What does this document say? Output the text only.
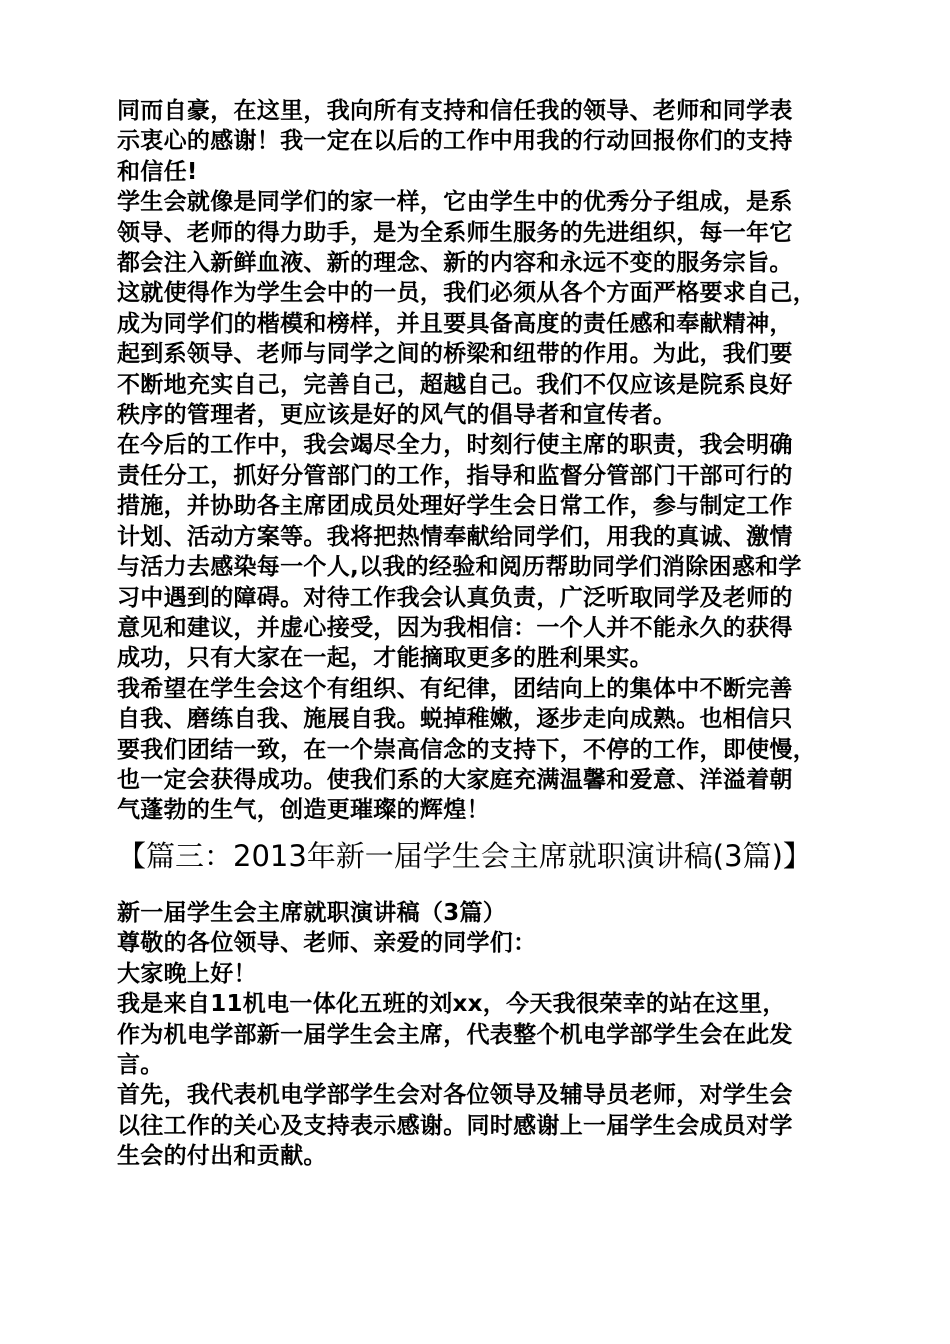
同而自豪，在这里，我向所有支持和信任我的领导、老师和同学表
示衷心的感谢！我一定在以后的工作中用我的行动回报你们的支持
和信任!

学生会就像是同学们的家一样，它由学生中的优秀分子组成，是系
领导、老师的得力助手，是为全系师生服务的先进组织，每一年它
都会注入新鲜血液、新的理念、新的内容和永远不变的服务宗旨。
这就使得作为学生会中的一员，我们必须从各个方面严格要求自己，
成为同学们的楷模和榜样，并且要具备高度的责任感和奉献精神，
起到系领导、老师与同学之间的桥梁和纽带的作用。为此，我们要
不断地充实自己，完善自己，超越自己。我们不仅应该是院系良好
秩序的管理者，更应该是好的风气的倡导者和宣传者。

在今后的工作中，我会竭尽全力，时刻行使主席的职责，我会明确
责任分工，抓好分管部门的工作，指导和监督分管部门干部可行的
措施，并协助各主席团成员处理好学生会日常工作，参与制定工作
计划、活动方案等。我将把热情奉献给同学们，用我的真诚、激情
与活力去感染每一个人,以我的经验和阅历帮助同学们消除困惑和学
习中遇到的障碍。对待工作我会认真负责，广泛听取同学及老师的
意见和建议，并虚心接受，因为我相信：一个人并不能永久的获得
成功，只有大家在一起，才能摘取更多的胜利果实。

我希望在学生会这个有组织、有纪律，团结向上的集体中不断完善
自我、磨练自我、施展自我。蜕掉稚嫩，逐步走向成熟。也相信只
要我们团结一致，在一个崇高信念的支持下，不停的工作，即使慢，
也一定会获得成功。使我们系的大家庭充满温馨和爱意、洋溢着朝
气蓬勃的生气，创造更璀璨的辉煌！

【篇三：2013年新一届学生会主席就职演讲稿(3篇)】

新一届学生会主席就职演讲稿（3篇）

尊敬的各位领导、老师、亲爱的同学们：

大家晚上好！

我是来自11机电一体化五班的刘xx，今天我很荣幸的站在这里，
作为机电学部新一届学生会主席，代表整个机电学部学生会在此发
言。

首先，我代表机电学部学生会对各位领导及辅导员老师，对学生会
以往工作的关心及支持表示感谢。同时感谢上一届学生会成员对学
生会的付出和贡献。
